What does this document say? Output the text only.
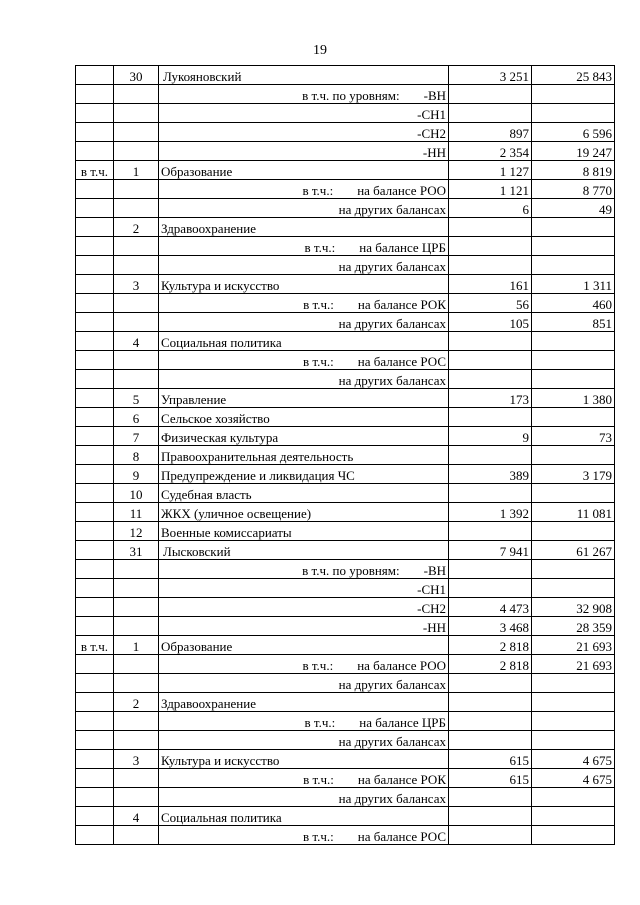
19
	30	Лукояновский	3 251	25 843
		в т.ч. по уровням: -ВН		
		-СН1		
		-СН2	897	6 596
		-НН	2 354	19 247
в т.ч.	1	Образование	1 127	8 819
		в т.ч.: на балансе РОО	1 121	8 770
		на других балансах	6	49
	2	Здравоохранение		
		в т.ч.: на балансе ЦРБ		
		на других балансах		
	3	Культура и искусство	161	1 311
		в т.ч.: на балансе РОК	56	460
		на других балансах	105	851
	4	Социальная политика		
		в т.ч.: на балансе РОС		
		на других балансах		
	5	Управление	173	1 380
	6	Сельское хозяйство		
	7	Физическая культура	9	73
	8	Правоохранительная деятельность		
	9	Предупреждение и ликвидация ЧС	389	3 179
	10	Судебная власть		
	11	ЖКХ (уличное освещение)	1 392	11 081
	12	Военные комиссариаты		
	31	Лысковский	7 941	61 267
		в т.ч. по уровням: -ВН		
		-СН1		
		-СН2	4 473	32 908
		-НН	3 468	28 359
в т.ч.	1	Образование	2 818	21 693
		в т.ч.: на балансе РОО	2 818	21 693
		на других балансах		
	2	Здравоохранение		
		в т.ч.: на балансе ЦРБ		
		на других балансах		
	3	Культура и искусство	615	4 675
		в т.ч.: на балансе РОК	615	4 675
		на других балансах		
	4	Социальная политика		
		в т.ч.: на балансе РОС		
